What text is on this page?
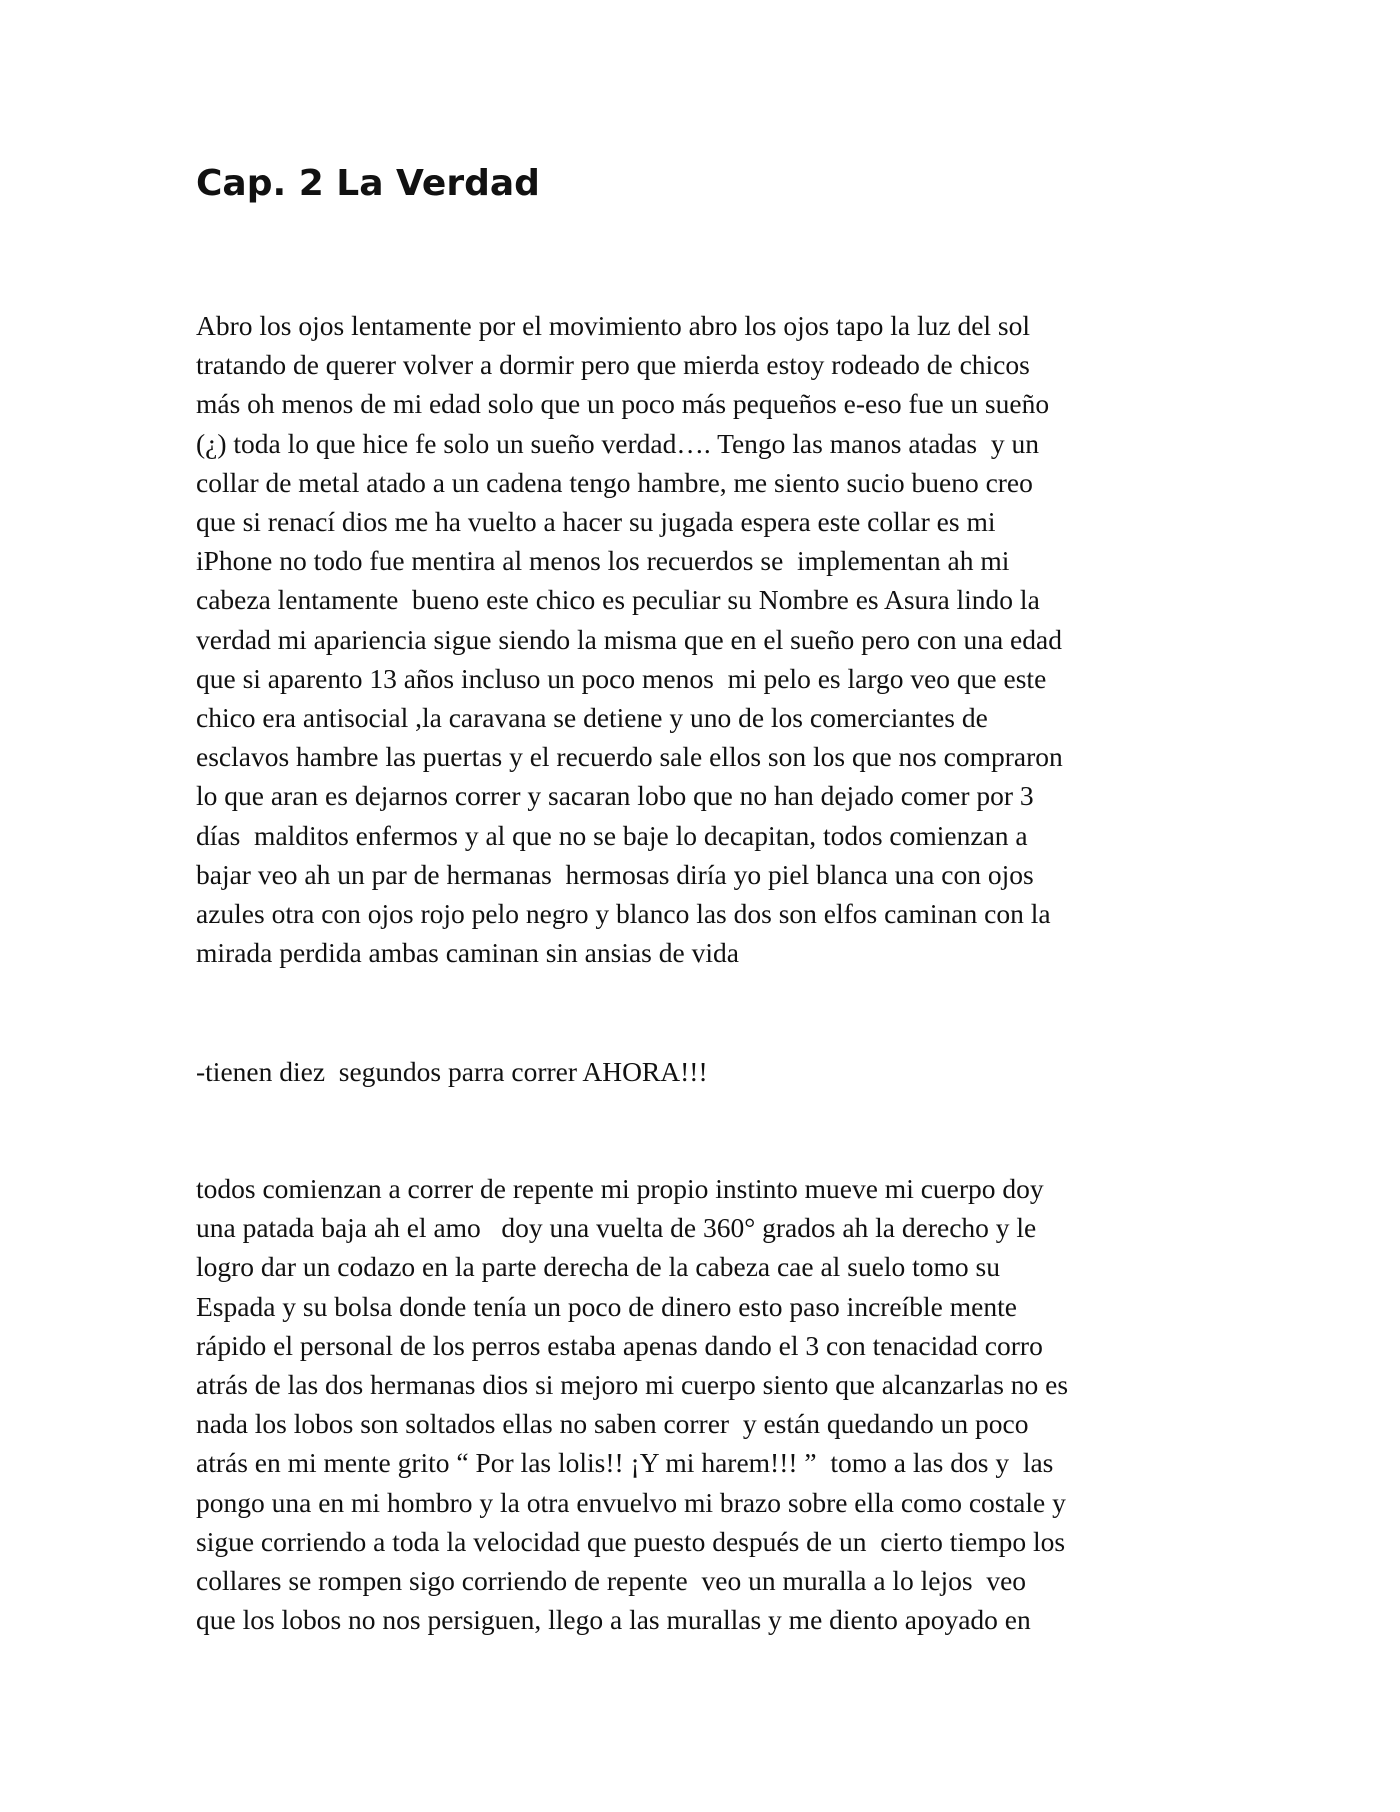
Cap. 2 La Verdad
Abro los ojos lentamente por el movimiento abro los ojos tapo la luz del sol
tratando de querer volver a dormir pero que mierda estoy rodeado de chicos
más oh menos de mi edad solo que un poco más pequeños e-eso fue un sueño
(¿) toda lo que hice fe solo un sueño verdad…. Tengo las manos atadas  y un
collar de metal atado a un cadena tengo hambre, me siento sucio bueno creo
que si renací dios me ha vuelto a hacer su jugada espera este collar es mi
iPhone no todo fue mentira al menos los recuerdos se  implementan ah mi
cabeza lentamente  bueno este chico es peculiar su Nombre es Asura lindo la
verdad mi apariencia sigue siendo la misma que en el sueño pero con una edad
que si aparento 13 años incluso un poco menos  mi pelo es largo veo que este
chico era antisocial ,la caravana se detiene y uno de los comerciantes de
esclavos hambre las puertas y el recuerdo sale ellos son los que nos compraron
lo que aran es dejarnos correr y sacaran lobo que no han dejado comer por 3
días  malditos enfermos y al que no se baje lo decapitan, todos comienzan a
bajar veo ah un par de hermanas  hermosas diría yo piel blanca una con ojos
azules otra con ojos rojo pelo negro y blanco las dos son elfos caminan con la
mirada perdida ambas caminan sin ansias de vida
-tienen diez  segundos parra correr AHORA!!!
todos comienzan a correr de repente mi propio instinto mueve mi cuerpo doy
una patada baja ah el amo   doy una vuelta de 360° grados ah la derecho y le
logro dar un codazo en la parte derecha de la cabeza cae al suelo tomo su
Espada y su bolsa donde tenía un poco de dinero esto paso increíble mente
rápido el personal de los perros estaba apenas dando el 3 con tenacidad corro
atrás de las dos hermanas dios si mejoro mi cuerpo siento que alcanzarlas no es
nada los lobos son soltados ellas no saben correr  y están quedando un poco
atrás en mi mente grito “ Por las lolis!! ¡Y mi harem!!! ”  tomo a las dos y  las
pongo una en mi hombro y la otra envuelvo mi brazo sobre ella como costale y
sigue corriendo a toda la velocidad que puesto después de un  cierto tiempo los
collares se rompen sigo corriendo de repente  veo un muralla a lo lejos  veo
que los lobos no nos persiguen, llego a las murallas y me diento apoyado en
